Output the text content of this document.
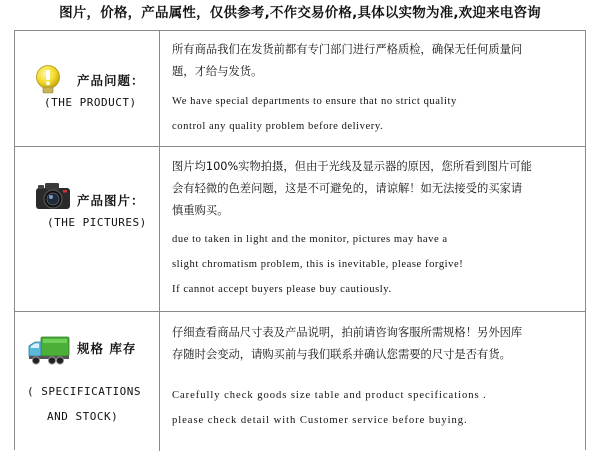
图片，价格，产品属性，仅供参考,不作交易价格,具体以实物为准,欢迎来电咨询
产品问题：
(THE PRODUCT)
所有商品我们在发货前都有专门部门进行严格质检，确保无任何质量问
题，才给与发货。
We have special departments to ensure that no strict quality
control any quality problem before delivery.
产品图片：
(THE PICTURES)
图片均100%实物拍摄，但由于光线及显示器的原因，您所看到图片可能
会有轻微的色差问题，这是不可避免的，请谅解！如无法接受的买家请
慎重购买。
due to taken in light and the monitor, pictures may have a
slight chromatism problem, this is inevitable, please forgive!
If cannot accept buyers please buy cautiously.
规格 库存
( SPECIFICATIONS
AND STOCK)
仔细查看商品尺寸表及产品说明，拍前请咨询客服所需规格！另外因库
存随时会变动，请购买前与我们联系并确认您需要的尺寸是否有货。
Carefully check goods size table and product specifications .
please check detail with Customer service before buying.
